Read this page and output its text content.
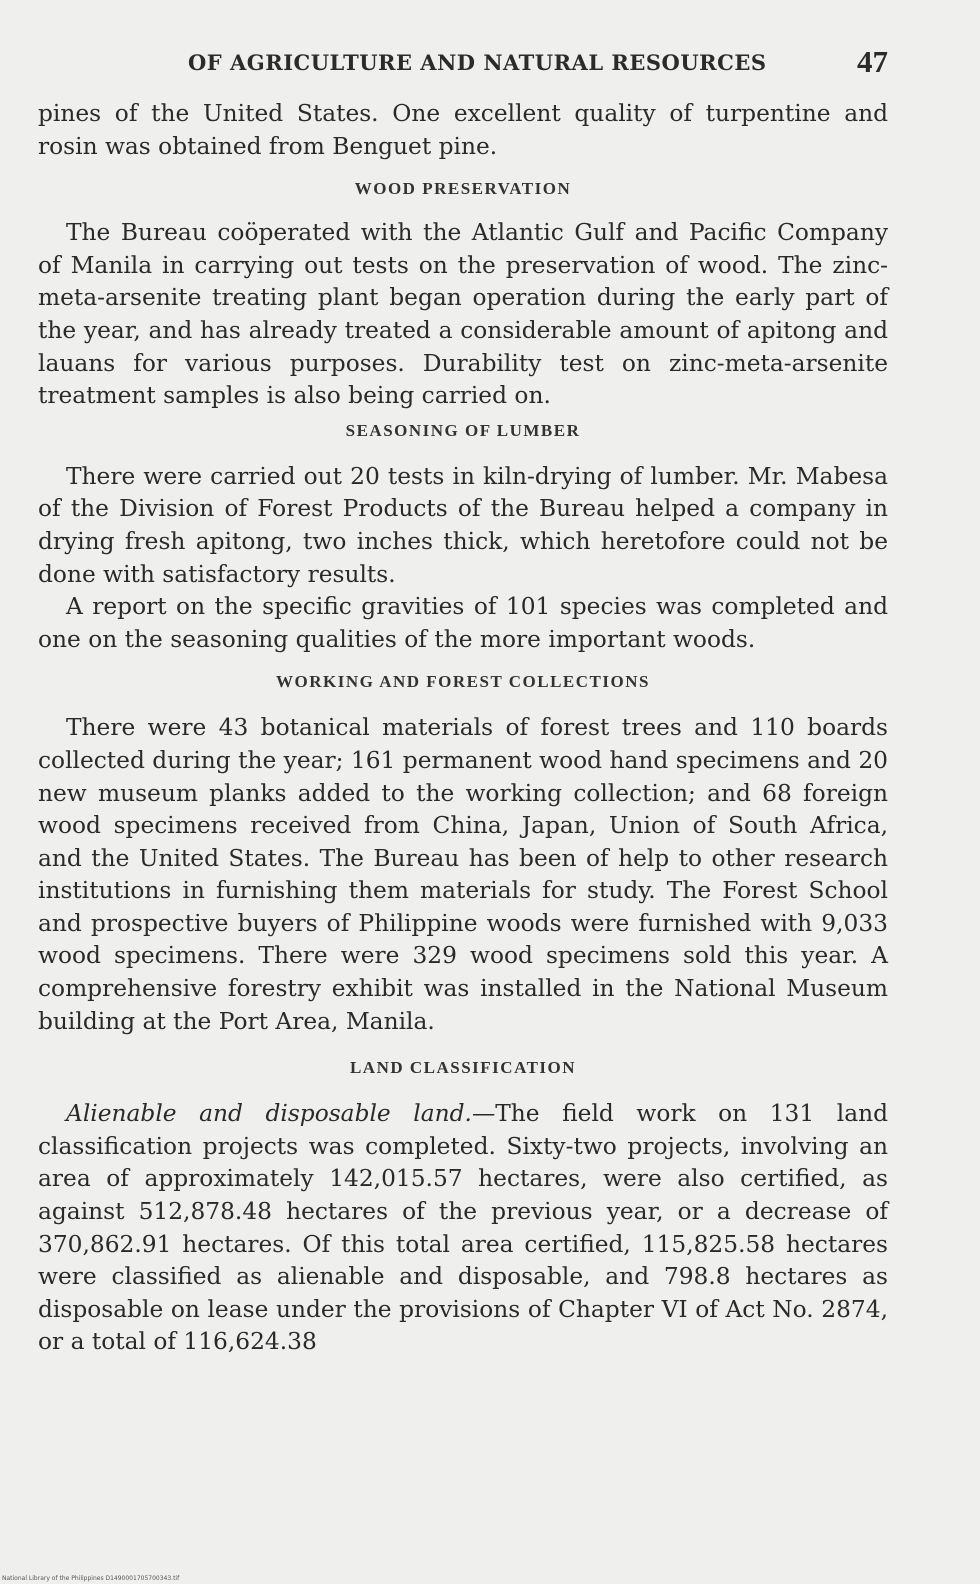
OF AGRICULTURE AND NATURAL RESOURCES	47

pines of the United States. One excellent quality of turpentine and rosin was obtained from Benguet pine.

WOOD PRESERVATION

The Bureau coöperated with the Atlantic Gulf and Pacific Company of Manila in carrying out tests on the preservation of wood. The zinc-meta-arsenite treating plant began operation during the early part of the year, and has already treated a considerable amount of apitong and lauans for various purposes. Durability test on zinc-meta-arsenite treatment samples is also being carried on.

SEASONING OF LUMBER

There were carried out 20 tests in kiln-drying of lumber. Mr. Mabesa of the Division of Forest Products of the Bureau helped a company in drying fresh apitong, two inches thick, which heretofore could not be done with satisfactory results.

A report on the specific gravities of 101 species was completed and one on the seasoning qualities of the more important woods.

WORKING AND FOREST COLLECTIONS

There were 43 botanical materials of forest trees and 110 boards collected during the year; 161 permanent wood hand specimens and 20 new museum planks added to the working collection; and 68 foreign wood specimens received from China, Japan, Union of South Africa, and the United States. The Bureau has been of help to other research institutions in furnishing them materials for study. The Forest School and prospective buyers of Philippine woods were furnished with 9,033 wood specimens. There were 329 wood specimens sold this year. A comprehensive forestry exhibit was installed in the National Museum building at the Port Area, Manila.

LAND CLASSIFICATION

Alienable and disposable land.—The field work on 131 land classification projects was completed. Sixty-two projects, involving an area of approximately 142,015.57 hectares, were also certified, as against 512,878.48 hectares of the previous year, or a decrease of 370,862.91 hectares. Of this total area certified, 115,825.58 hectares were classified as alienable and disposable, and 798.8 hectares as disposable on lease under the provisions of Chapter VI of Act No. 2874, or a total of 116,624.38

National Library of the Philippines D1490001705700343.tif
